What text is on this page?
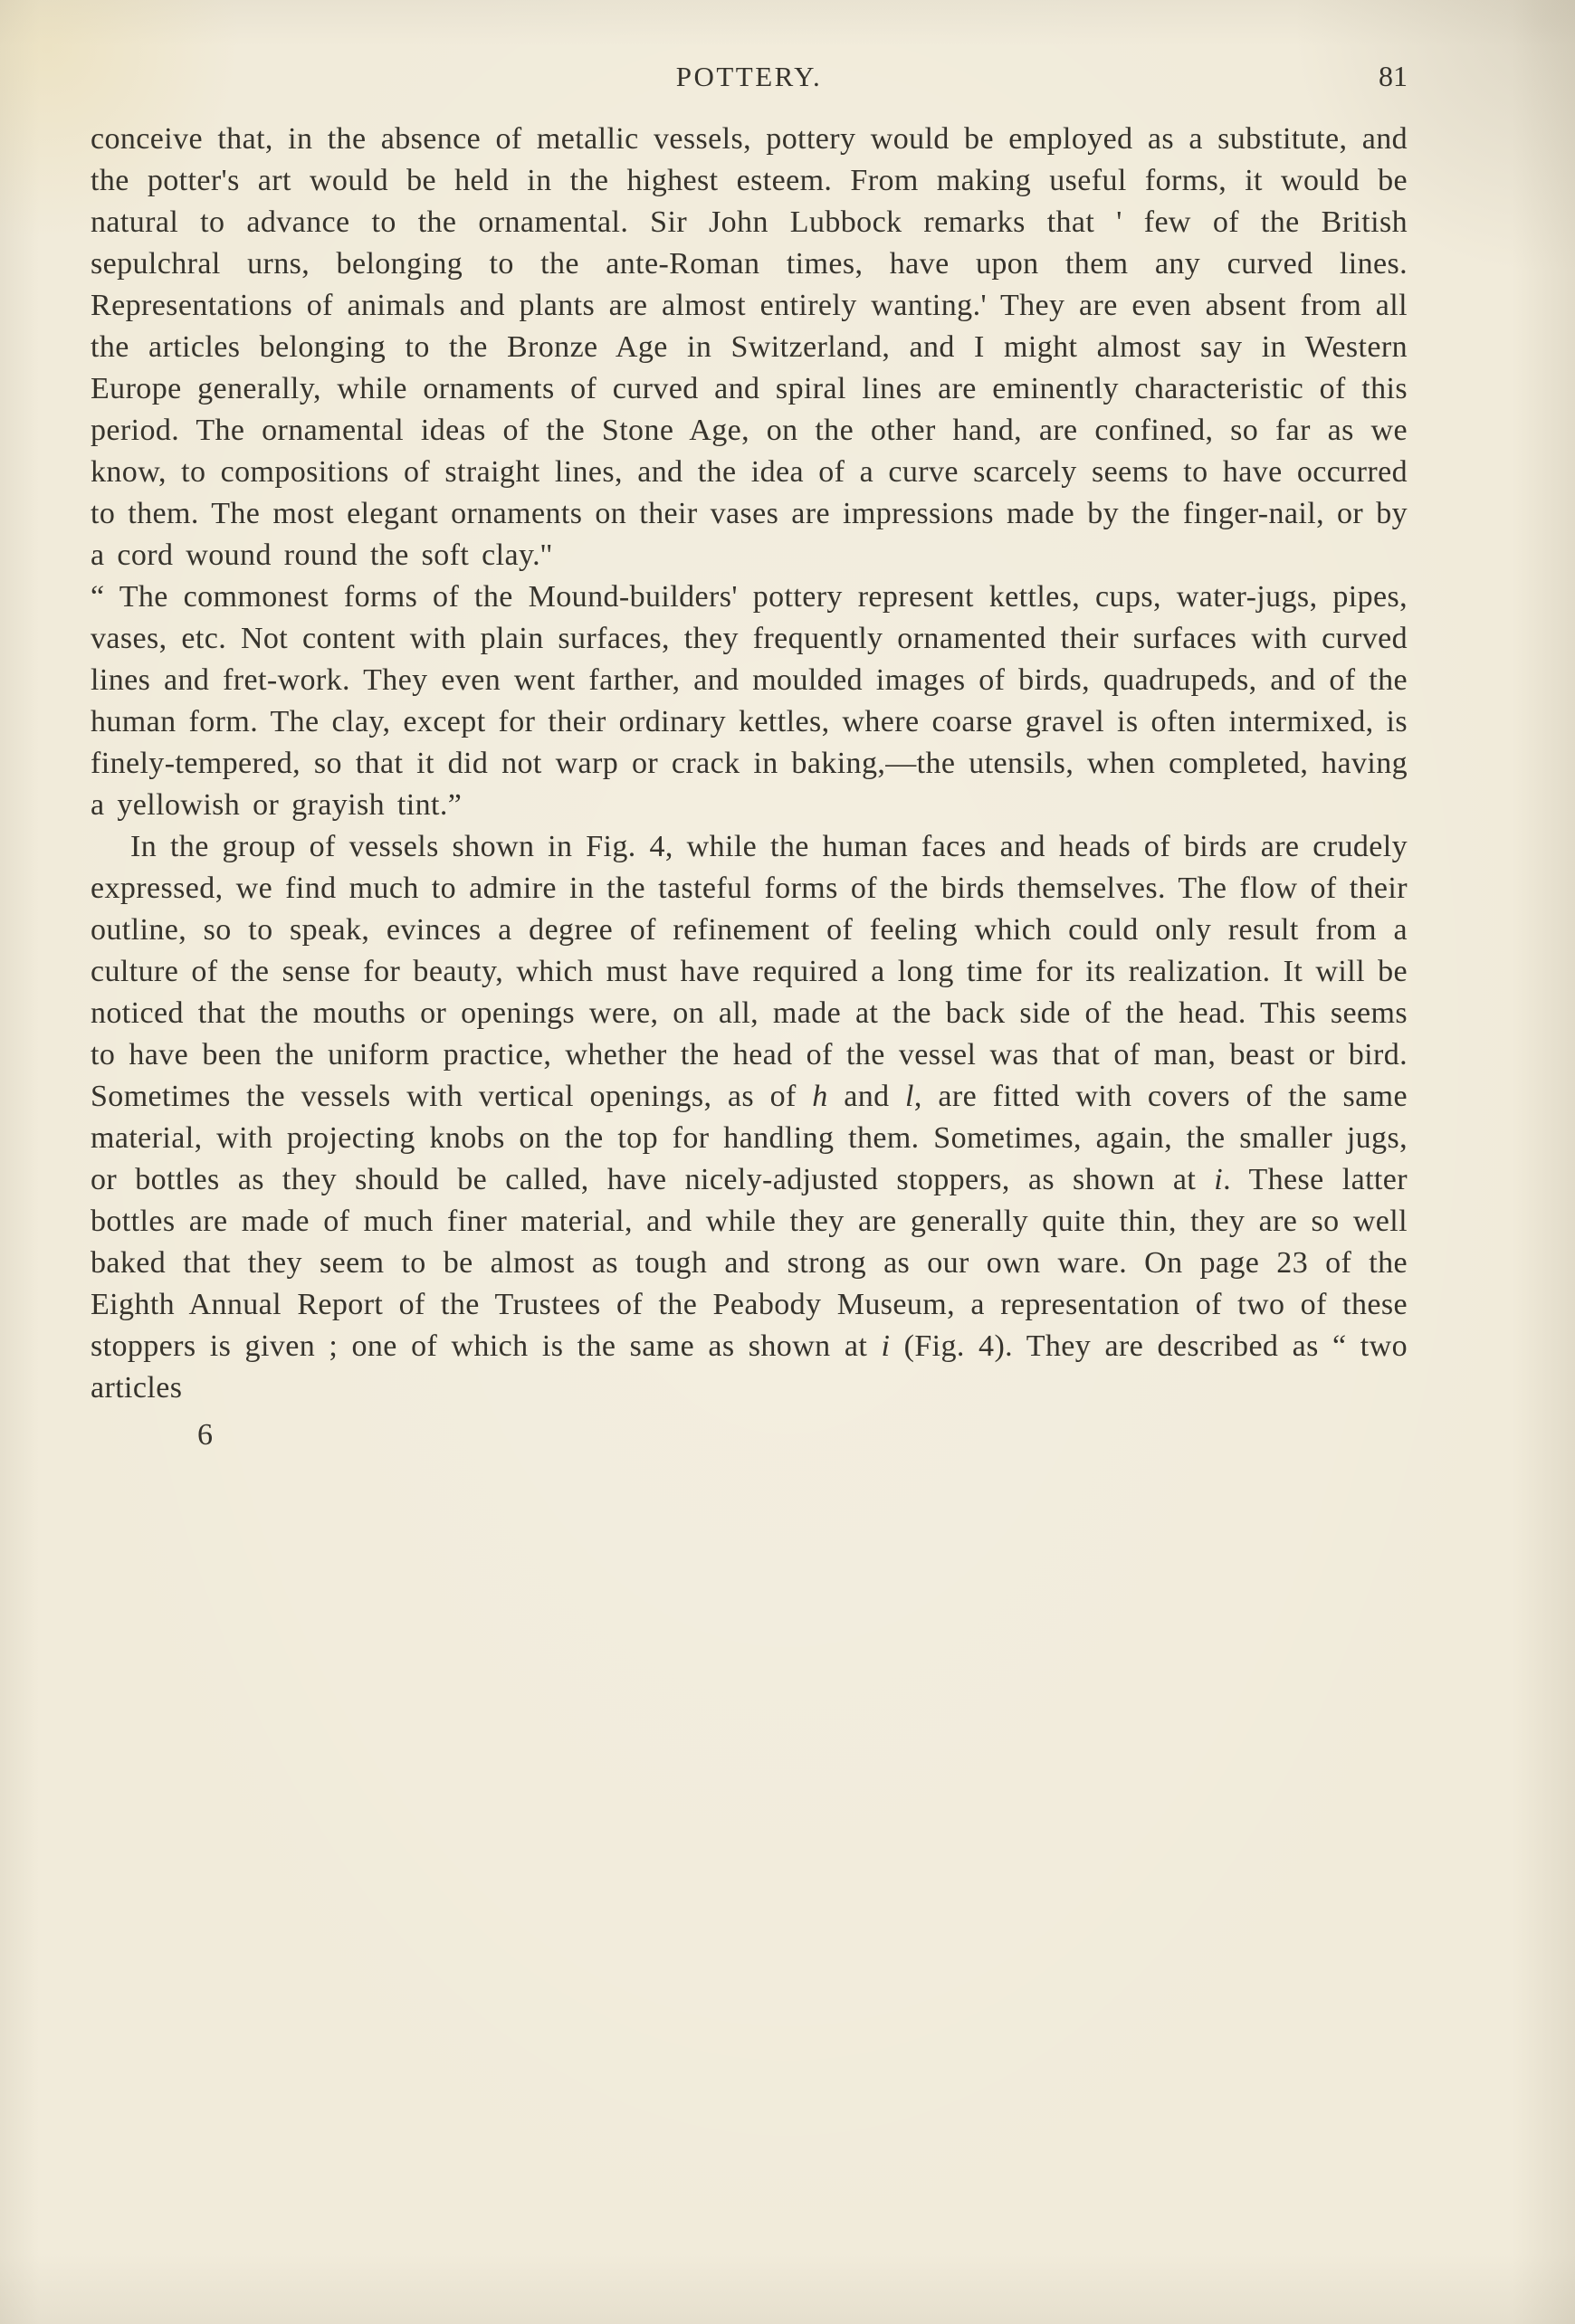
POTTERY.	81

conceive that, in the absence of metallic vessels, pottery would be employed as a substitute, and the potter's art would be held in the highest esteem. From making useful forms, it would be natural to advance to the ornamental. Sir John Lubbock remarks that ' few of the British sepulchral urns, belonging to the ante-Roman times, have upon them any curved lines. Representations of animals and plants are almost entirely wanting.' They are even absent from all the articles belonging to the Bronze Age in Switzerland, and I might almost say in Western Europe generally, while ornaments of curved and spiral lines are eminently characteristic of this period. The ornamental ideas of the Stone Age, on the other hand, are confined, so far as we know, to compositions of straight lines, and the idea of a curve scarcely seems to have occurred to them. The most elegant ornaments on their vases are impressions made by the finger-nail, or by a cord wound round the soft clay.''

“ The commonest forms of the Mound-builders' pottery represent kettles, cups, water-jugs, pipes, vases, etc. Not content with plain surfaces, they frequently ornamented their surfaces with curved lines and fret-work. They even went farther, and moulded images of birds, quadrupeds, and of the human form. The clay, except for their ordinary kettles, where coarse gravel is often intermixed, is finely-tempered, so that it did not warp or crack in baking,—the utensils, when completed, having a yellowish or grayish tint.”

In the group of vessels shown in Fig. 4, while the human faces and heads of birds are crudely expressed, we find much to admire in the tasteful forms of the birds themselves. The flow of their outline, so to speak, evinces a degree of refinement of feeling which could only result from a culture of the sense for beauty, which must have required a long time for its realization. It will be noticed that the mouths or openings were, on all, made at the back side of the head. This seems to have been the uniform practice, whether the head of the vessel was that of man, beast or bird. Sometimes the vessels with vertical openings, as of h and l, are fitted with covers of the same material, with projecting knobs on the top for handling them. Sometimes, again, the smaller jugs, or bottles as they should be called, have nicely-adjusted stoppers, as shown at i. These latter bottles are made of much finer material, and while they are generally quite thin, they are so well baked that they seem to be almost as tough and strong as our own ware. On page 23 of the Eighth Annual Report of the Trustees of the Peabody Museum, a representation of two of these stoppers is given ; one of which is the same as shown at i (Fig. 4). They are described as “ two articles

6
